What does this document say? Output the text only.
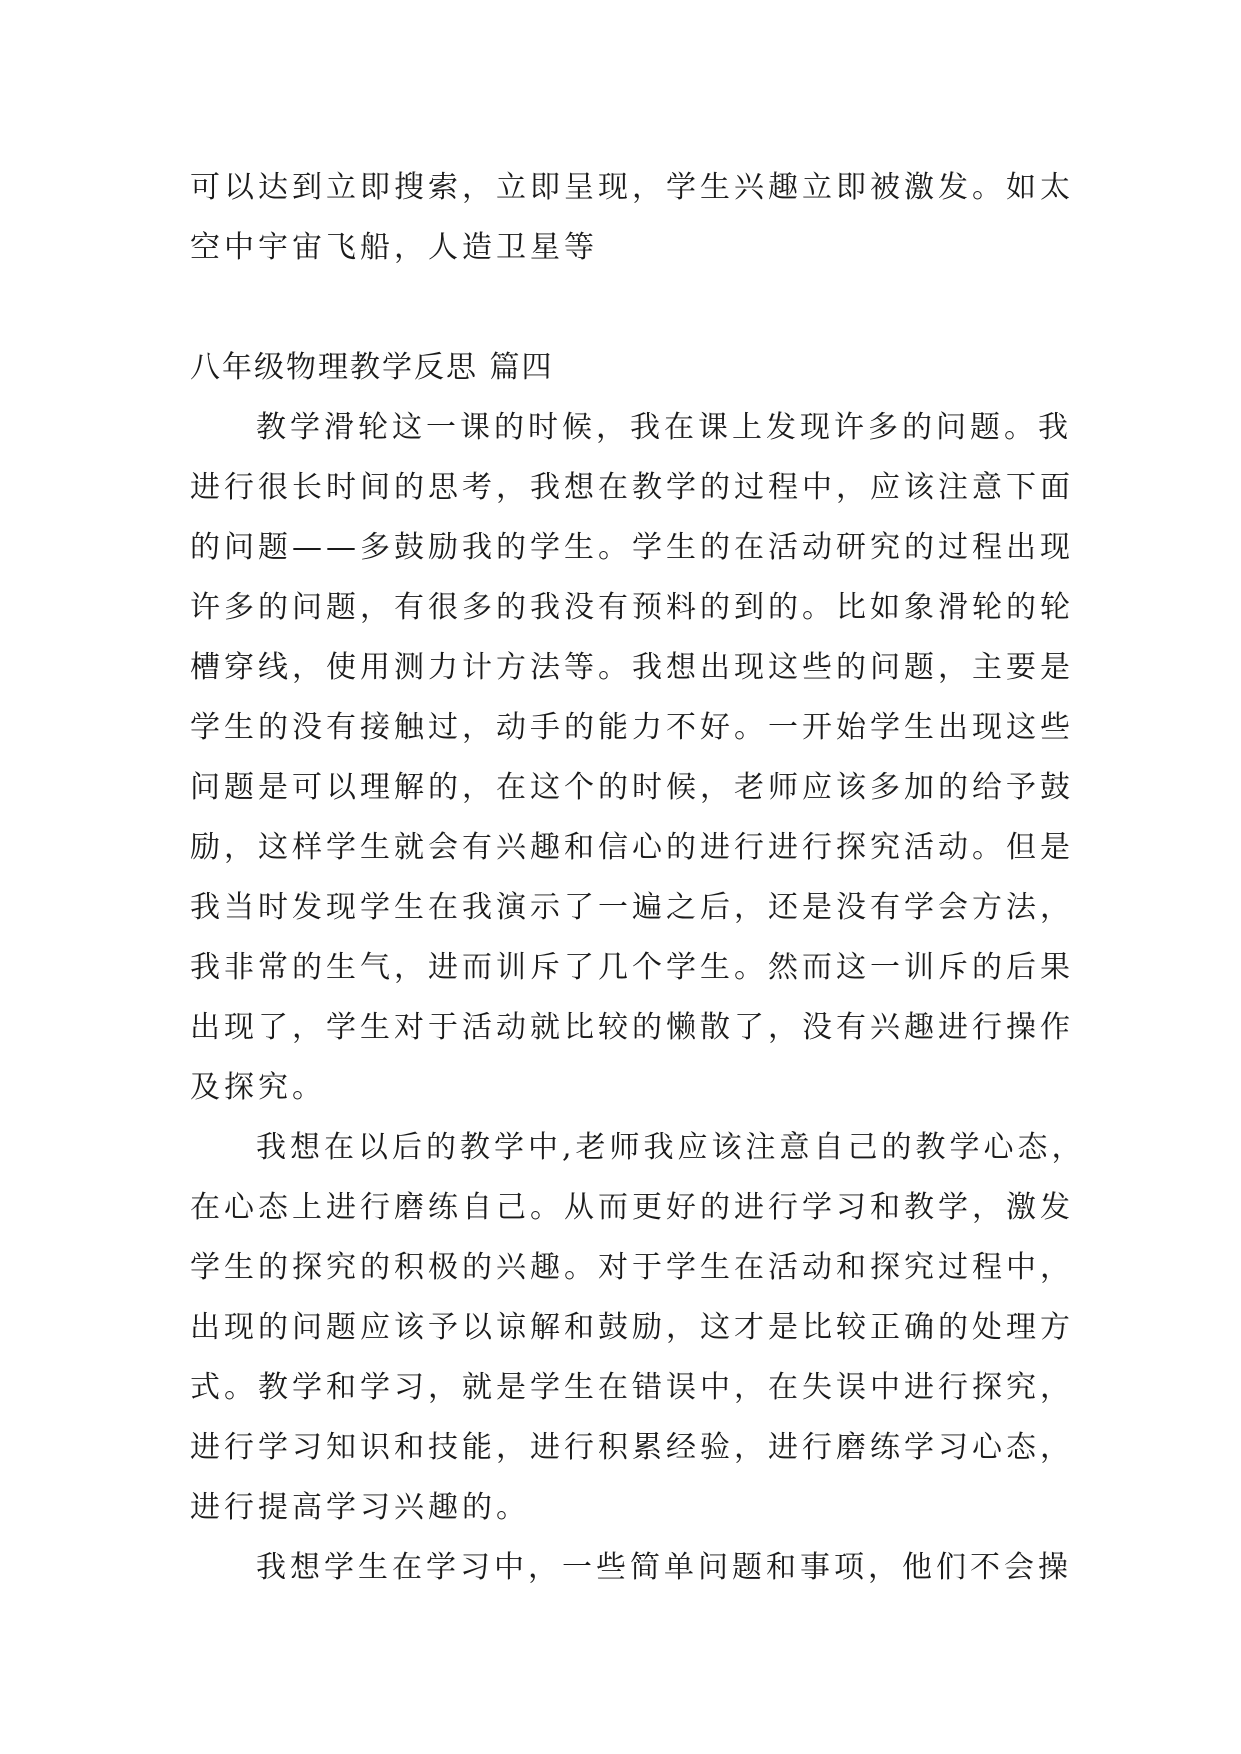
可以达到立即搜索，立即呈现，学生兴趣立即被激发。如太
空中宇宙飞船，人造卫星等
八年级物理教学反思 篇四
教学滑轮这一课的时候，我在课上发现许多的问题。我
进行很长时间的思考，我想在教学的过程中，应该注意下面
的问题——多鼓励我的学生。学生的在活动研究的过程出现
许多的问题，有很多的我没有预料的到的。比如象滑轮的轮
槽穿线，使用测力计方法等。我想出现这些的问题，主要是
学生的没有接触过，动手的能力不好。一开始学生出现这些
问题是可以理解的，在这个的时候，老师应该多加的给予鼓
励，这样学生就会有兴趣和信心的进行进行探究活动。但是
我当时发现学生在我演示了一遍之后，还是没有学会方法，
我非常的生气，进而训斥了几个学生。然而这一训斥的后果
出现了，学生对于活动就比较的懒散了，没有兴趣进行操作
及探究。
我想在以后的教学中,老师我应该注意自己的教学心态，
在心态上进行磨练自己。从而更好的进行学习和教学，激发
学生的探究的积极的兴趣。对于学生在活动和探究过程中，
出现的问题应该予以谅解和鼓励，这才是比较正确的处理方
式。教学和学习，就是学生在错误中，在失误中进行探究，
进行学习知识和技能，进行积累经验，进行磨练学习心态，
进行提高学习兴趣的。
我想学生在学习中，一些简单问题和事项，他们不会操
